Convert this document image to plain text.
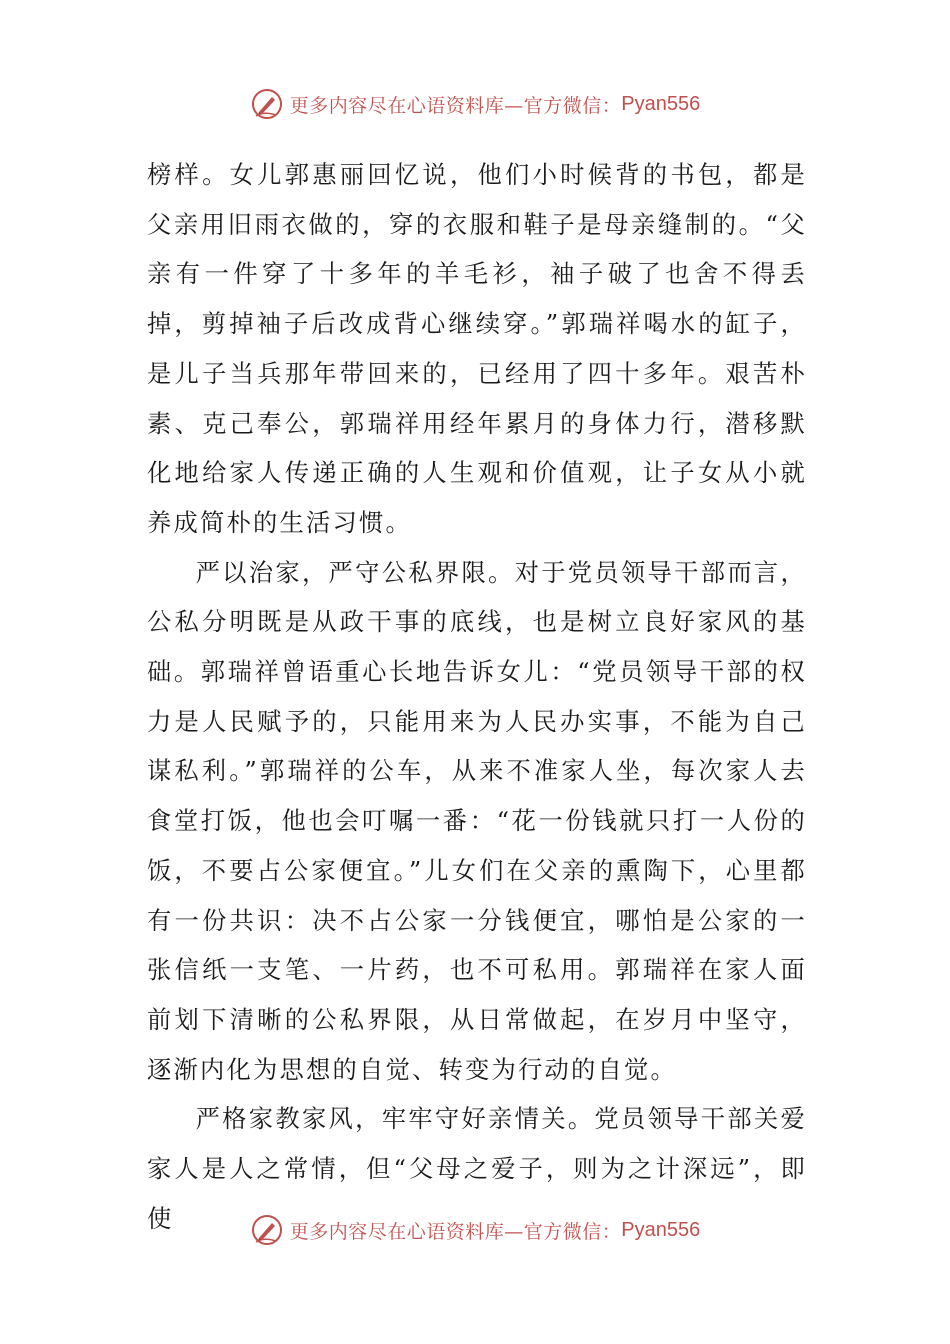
更多内容尽在心语资料库—官方微信： Pyan556

榜样。女儿郭惠丽回忆说，他们小时候背的书包，都是父亲用旧雨衣做的，穿的衣服和鞋子是母亲缝制的。“父亲有一件穿了十多年的羊毛衫，袖子破了也舍不得丢掉，剪掉袖子后改成背心继续穿。”郭瑞祥喝水的缸子，是儿子当兵那年带回来的，已经用了四十多年。艰苦朴素、克己奉公，郭瑞祥用经年累月的身体力行，潜移默化地给家人传递正确的人生观和价值观，让子女从小就养成简朴的生活习惯。

严以治家，严守公私界限。对于党员领导干部而言，公私分明既是从政干事的底线，也是树立良好家风的基础。郭瑞祥曾语重心长地告诉女儿：“党员领导干部的权力是人民赋予的，只能用来为人民办实事，不能为自己谋私利。”郭瑞祥的公车，从来不准家人坐，每次家人去食堂打饭，他也会叮嘱一番：“花一份钱就只打一人份的饭，不要占公家便宜。”儿女们在父亲的熏陶下，心里都有一份共识：决不占公家一分钱便宜，哪怕是公家的一张信纸一支笔、一片药，也不可私用。郭瑞祥在家人面前划下清晰的公私界限，从日常做起，在岁月中坚守，逐渐内化为思想的自觉、转变为行动的自觉。

严格家教家风，牢牢守好亲情关。党员领导干部关爱家人是人之常情，但“父母之爱子，则为之计深远”，即使	更多内容尽在心语资料库—官方微信： Pyan556
